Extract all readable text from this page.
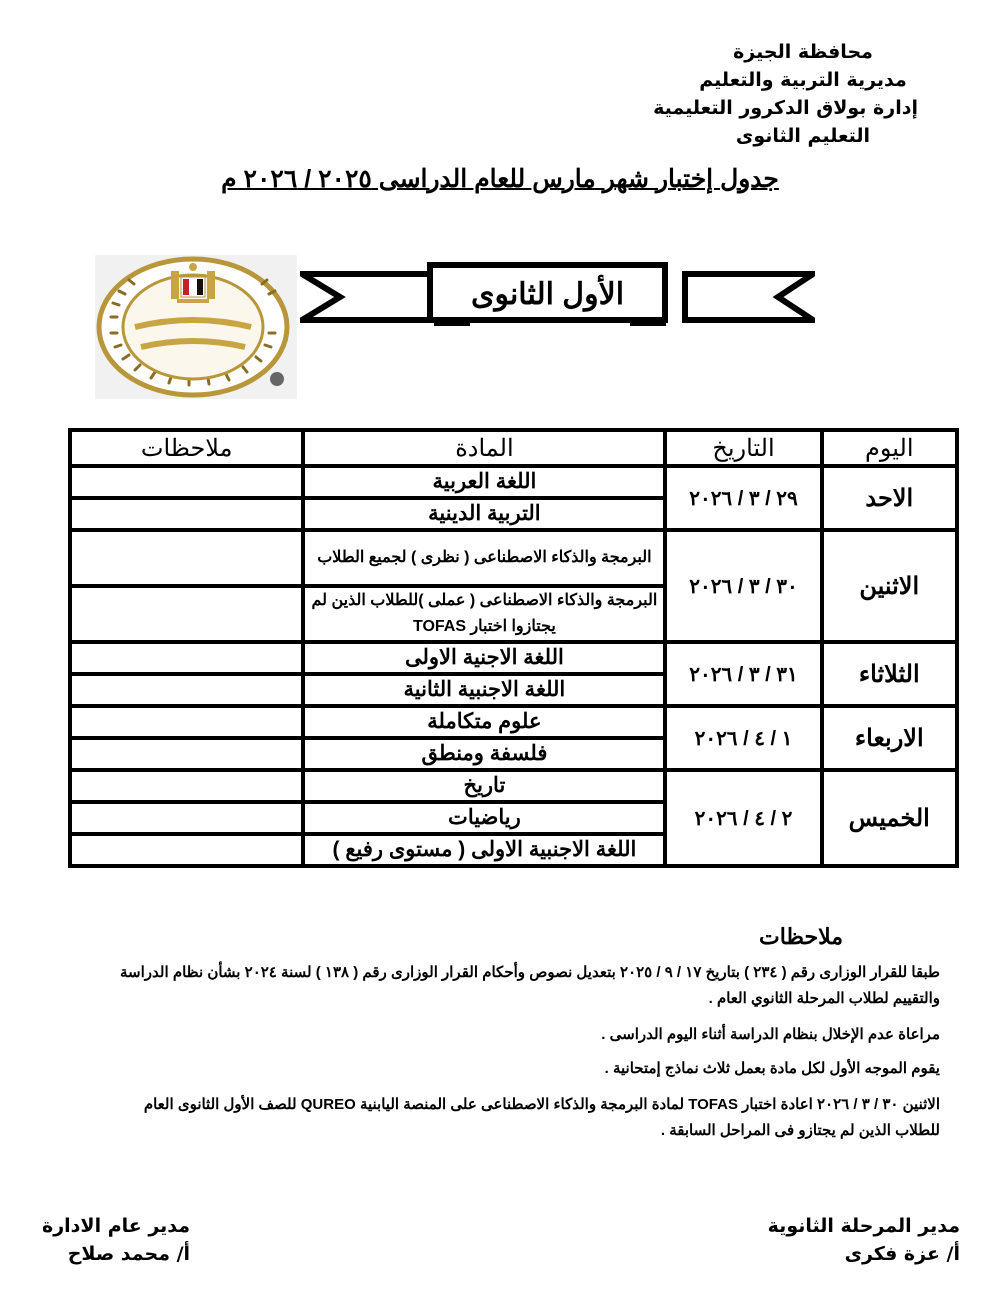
محافظة الجيزة
مديرية التربية والتعليم
إدارة بولاق الدكرور التعليمية
التعليم الثانوى
جدول إختبار شهر مارس للعام الدراسى ٢٠٢٥ / ٢٠٢٦ م
الأول الثانوى
اليوم	التاريخ	المادة	ملاحظات
الاحد	٢٩ / ٣ / ٢٠٢٦	اللغة العربية	
		التربية الدينية	
الاثنين	٣٠ / ٣ / ٢٠٢٦	البرمجة والذكاء الاصطناعى ( نظرى ) لجميع الطلاب	
		البرمجة والذكاء الاصطناعى ( عملى )للطلاب الذين لم يجتازوا اختبار TOFAS	
الثلاثاء	٣١ / ٣ / ٢٠٢٦	اللغة الاجنية الاولى	
		اللغة الاجنبية الثانية	
الاربعاء	١ / ٤ / ٢٠٢٦	علوم متكاملة	
		فلسفة ومنطق	
الخميس	٢ / ٤ / ٢٠٢٦	تاريخ	
		رياضيات	
		اللغة الاجنبية الاولى ( مستوى رفيع )	
ملاحظات
طبقا للقرار الوزارى رقم ( ٢٣٤ ) بتاريخ ١٧ / ٩ / ٢٠٢٥ بتعديل نصوص وأحكام القرار الوزارى رقم ( ١٣٨ ) لسنة ٢٠٢٤ بشأن نظام الدراسة والتقييم لطلاب المرحلة الثانوي العام .
مراعاة عدم الإخلال بنظام الدراسة أثناء اليوم الدراسى .
يقوم الموجه الأول لكل مادة بعمل ثلاث نماذج إمتحانية .
الاثنين ٣٠ / ٣ / ٢٠٢٦ اعادة اختبار TOFAS لمادة البرمجة والذكاء الاصطناعى على المنصة اليابنية QUREO للصف الأول الثانوى العام للطلاب الذين لم يجتازو فى المراحل السابقة .
مدير المرحلة الثانوية
أ/ عزة فكرى
مدير عام الادارة
أ/ محمد صلاح
